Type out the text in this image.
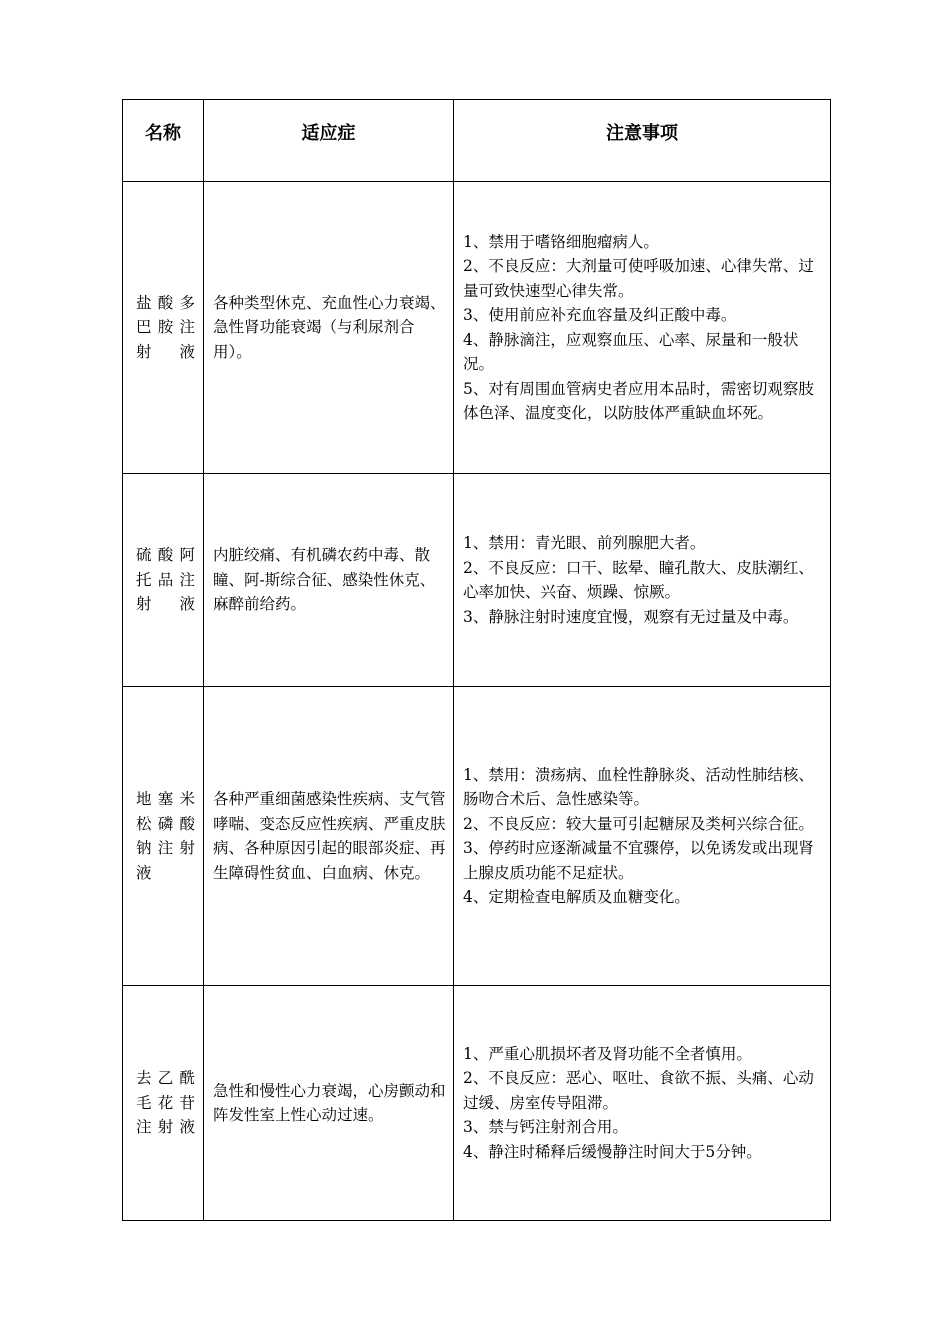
名称	适应症	注意事项

盐酸多巴胺注射液	各种类型休克、充血性心力衰竭、急性肾功能衰竭（与利尿剂合用）。	1、禁用于嗜铬细胞瘤病人。
2、不良反应：大剂量可使呼吸加速、心律失常、过量可致快速型心律失常。
3、使用前应补充血容量及纠正酸中毒。
4、静脉滴注，应观察血压、心率、尿量和一般状况。
5、对有周围血管病史者应用本品时，需密切观察肢体色泽、温度变化，以防肢体严重缺血坏死。

硫酸阿托品注射液	内脏绞痛、有机磷农药中毒、散瞳、阿-斯综合征、感染性休克、麻醉前给药。	1、禁用：青光眼、前列腺肥大者。
2、不良反应：口干、眩晕、瞳孔散大、皮肤潮红、心率加快、兴奋、烦躁、惊厥。
3、静脉注射时速度宜慢，观察有无过量及中毒。

地塞米松磷酸钠注射液	各种严重细菌感染性疾病、支气管哮喘、变态反应性疾病、严重皮肤病、各种原因引起的眼部炎症、再生障碍性贫血、白血病、休克。	1、禁用：溃疡病、血栓性静脉炎、活动性肺结核、肠吻合术后、急性感染等。
2、不良反应：较大量可引起糖尿及类柯兴综合征。
3、停药时应逐渐减量不宜骤停，以免诱发或出现肾上腺皮质功能不足症状。
4、定期检查电解质及血糖变化。

去乙酰毛花苷注射液	急性和慢性心力衰竭，心房颤动和阵发性室上性心动过速。	1、严重心肌损坏者及肾功能不全者慎用。
2、不良反应：恶心、呕吐、食欲不振、头痛、心动过缓、房室传导阻滞。
3、禁与钙注射剂合用。
4、静注时稀释后缓慢静注时间大于5分钟。
